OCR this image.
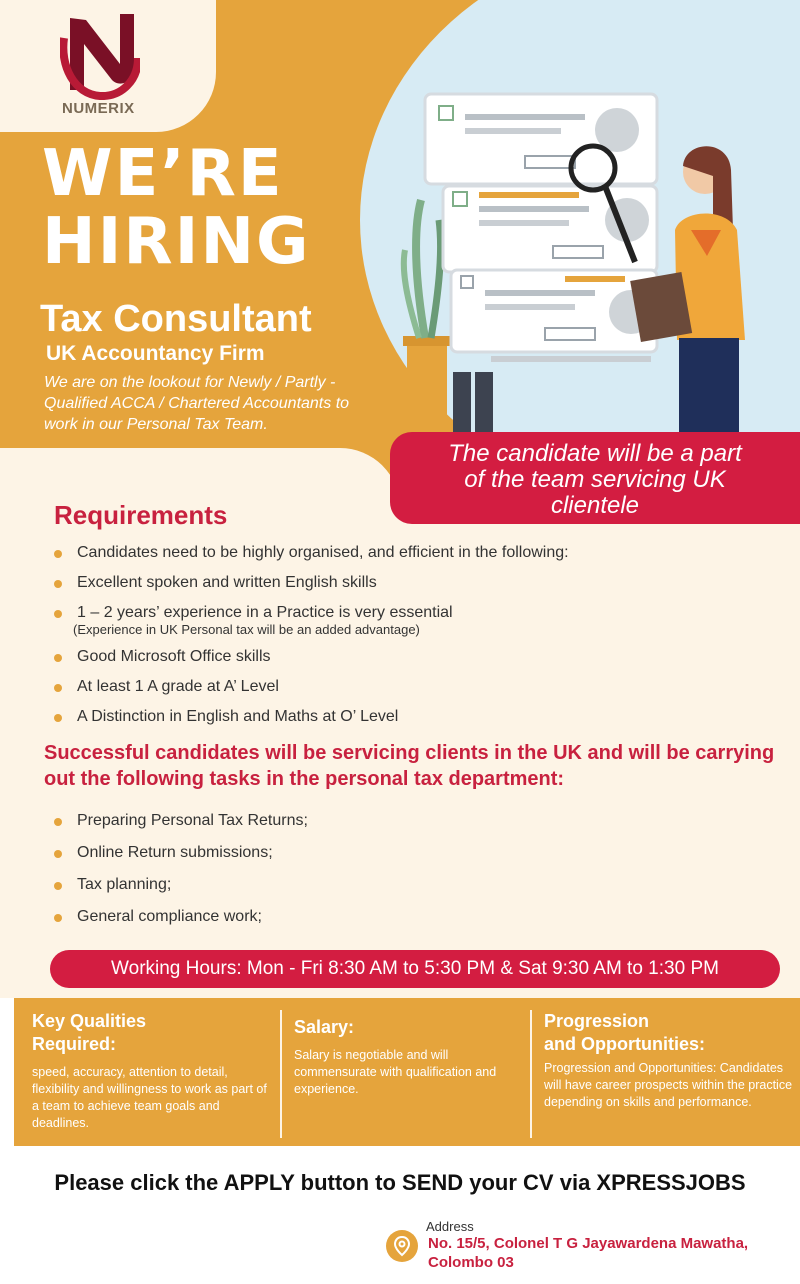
NUMERIX
WE’RE
HIRING
Tax Consultant
UK Accountancy Firm
We are on the lookout for Newly / Partly - Qualified ACCA / Chartered Accountants to work in our Personal Tax Team.
The candidate will be a part
of the team servicing UK
clientele
Requirements
Candidates need to be highly organised, and efficient in the following:
Excellent spoken and written English skills
1 – 2 years’ experience in a Practice is very essential
(Experience in UK Personal tax will be an added advantage)
Good Microsoft Office skills
At least 1 A grade at A’ Level
A Distinction in English and Maths at O’ Level
Successful candidates will be servicing clients in the UK and will be carrying out the following tasks in the personal tax department:
Preparing Personal Tax Returns;
Online Return submissions;
Tax planning;
General compliance work;
Working Hours: Mon - Fri 8:30 AM to 5:30 PM & Sat 9:30 AM to 1:30 PM
Key Qualities
Required:

speed, accuracy, attention to detail, flexibility and willingness to work as part of a team to achieve team goals and deadlines.

Salary:

Salary is negotiable and will commensurate with qualification and experience.

Progression
and Opportunities:

Progression and Opportunities: Candidates will have career prospects within the practice depending on skills and performance.

Please click the APPLY button to SEND your CV via XPRESSJOBS
Address
No. 15/5, Colonel T G Jayawardena Mawatha,
Colombo 03
